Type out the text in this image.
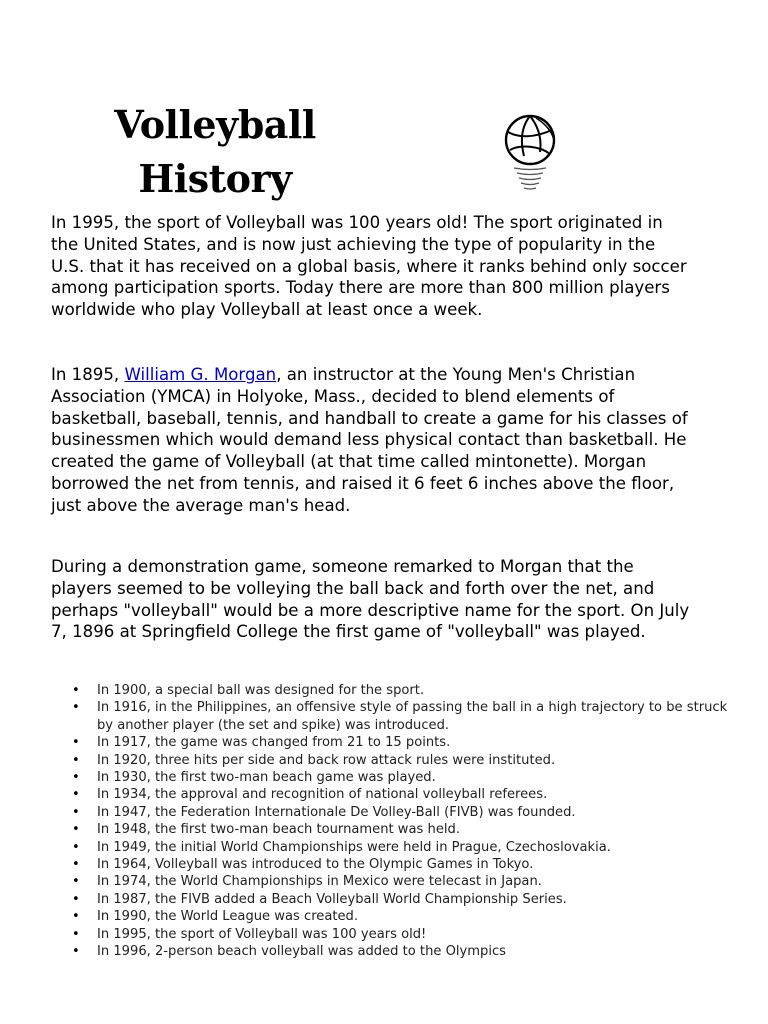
Volleyball
History

In 1995, the sport of Volleyball was 100 years old! The sport originated in the United States, and is now just achieving the type of popularity in the U.S. that it has received on a global basis, where it ranks behind only soccer among participation sports. Today there are more than 800 million players worldwide who play Volleyball at least once a week.

In 1895, William G. Morgan, an instructor at the Young Men's Christian Association (YMCA) in Holyoke, Mass., decided to blend elements of basketball, baseball, tennis, and handball to create a game for his classes of businessmen which would demand less physical contact than basketball. He created the game of Volleyball (at that time called mintonette). Morgan borrowed the net from tennis, and raised it 6 feet 6 inches above the floor, just above the average man's head.

During a demonstration game, someone remarked to Morgan that the players seemed to be volleying the ball back and forth over the net, and perhaps "volleyball" would be a more descriptive name for the sport. On July 7, 1896 at Springfield College the first game of "volleyball" was played.

• In 1900, a special ball was designed for the sport.
• In 1916, in the Philippines, an offensive style of passing the ball in a high trajectory to be struck by another player (the set and spike) was introduced.
• In 1917, the game was changed from 21 to 15 points.
• In 1920, three hits per side and back row attack rules were instituted.
• In 1930, the first two-man beach game was played.
• In 1934, the approval and recognition of national volleyball referees.
• In 1947, the Federation Internationale De Volley-Ball (FIVB) was founded.
• In 1948, the first two-man beach tournament was held.
• In 1949, the initial World Championships were held in Prague, Czechoslovakia.
• In 1964, Volleyball was introduced to the Olympic Games in Tokyo.
• In 1974, the World Championships in Mexico were telecast in Japan.
• In 1987, the FIVB added a Beach Volleyball World Championship Series.
• In 1990, the World League was created.
• In 1995, the sport of Volleyball was 100 years old!
• In 1996, 2-person beach volleyball was added to the Olympics
